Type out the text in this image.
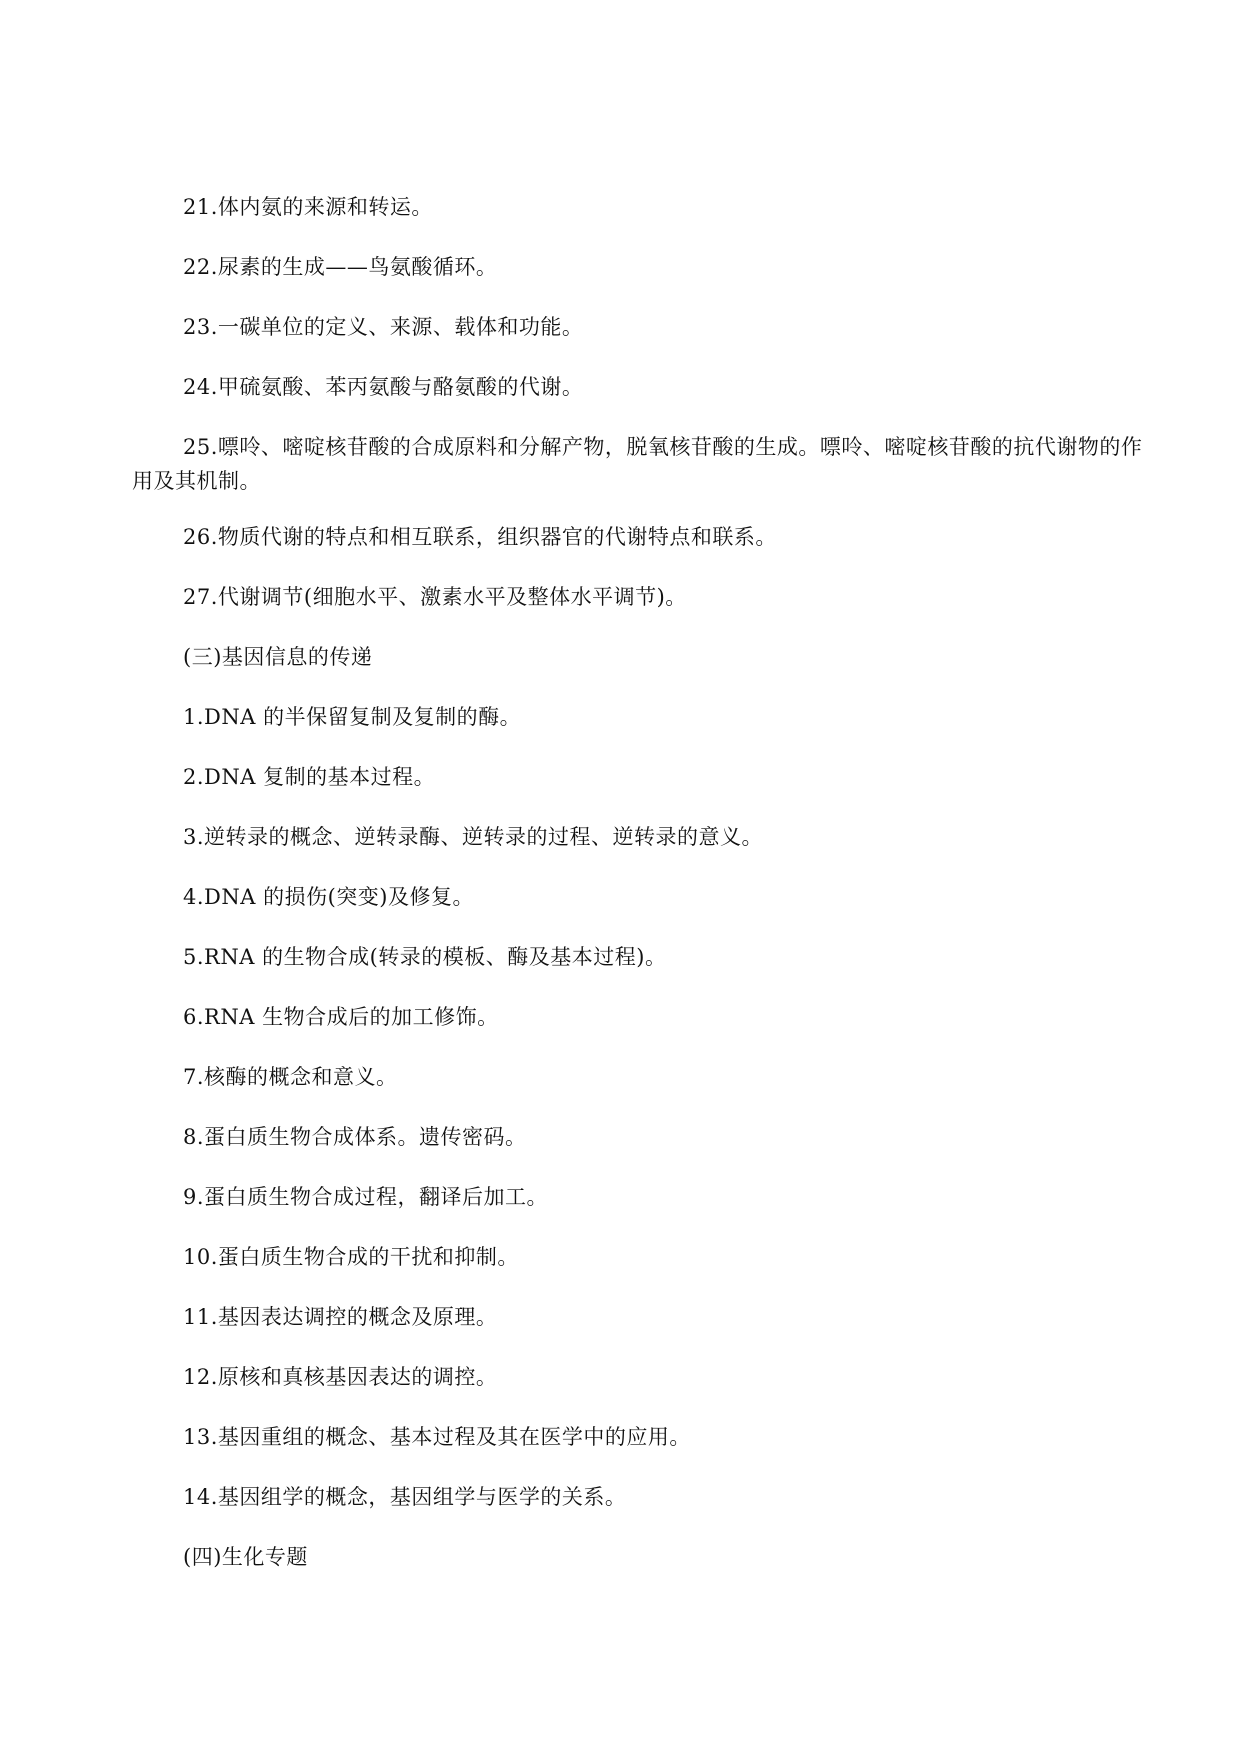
21.体内氨的来源和转运。
22.尿素的生成——鸟氨酸循环。
23.一碳单位的定义、来源、载体和功能。
24.甲硫氨酸、苯丙氨酸与酪氨酸的代谢。
25.嘌呤、嘧啶核苷酸的合成原料和分解产物，脱氧核苷酸的生成。嘌呤、嘧啶核苷酸的抗代谢物的作用及其机制。
26.物质代谢的特点和相互联系，组织器官的代谢特点和联系。
27.代谢调节(细胞水平、激素水平及整体水平调节)。
(三)基因信息的传递
1.DNA 的半保留复制及复制的酶。
2.DNA 复制的基本过程。
3.逆转录的概念、逆转录酶、逆转录的过程、逆转录的意义。
4.DNA 的损伤(突变)及修复。
5.RNA 的生物合成(转录的模板、酶及基本过程)。
6.RNA 生物合成后的加工修饰。
7.核酶的概念和意义。
8.蛋白质生物合成体系。遗传密码。
9.蛋白质生物合成过程，翻译后加工。
10.蛋白质生物合成的干扰和抑制。
11.基因表达调控的概念及原理。
12.原核和真核基因表达的调控。
13.基因重组的概念、基本过程及其在医学中的应用。
14.基因组学的概念，基因组学与医学的关系。
(四)生化专题
